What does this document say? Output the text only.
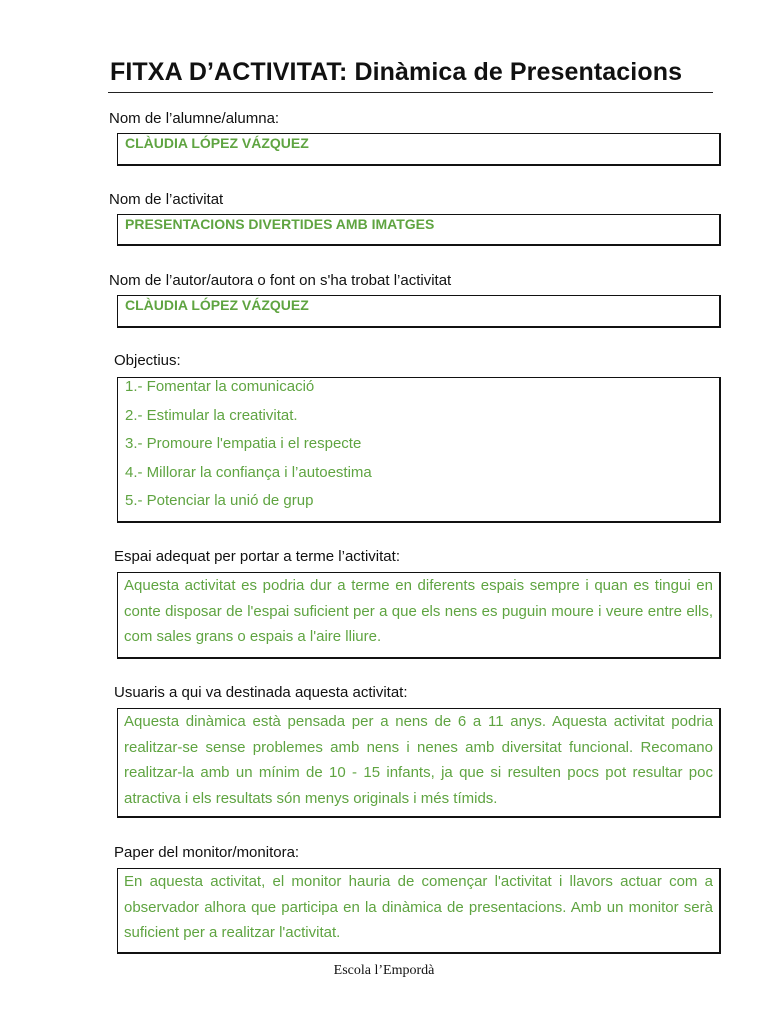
FITXA D’ACTIVITAT: Dinàmica de Presentacions
Nom de l’alumne/alumna:
CLÀUDIA LÓPEZ VÁZQUEZ
Nom de l’activitat
PRESENTACIONS DIVERTIDES AMB IMATGES
Nom de l’autor/autora o font on s'ha trobat l’activitat
CLÀUDIA LÓPEZ VÁZQUEZ
Objectius:
1.- Fomentar la comunicació
2.- Estimular la creativitat.
3.- Promoure l'empatia i el respecte
4.- Millorar la confiança i l’autoestima
5.- Potenciar la unió de grup
Espai adequat per portar a terme l’activitat:
Aquesta activitat es podria dur a terme en diferents espais sempre i quan es tingui en conte disposar de l'espai suficient per a que els nens es puguin moure i veure entre ells, com sales grans o espais a l'aire lliure.
Usuaris a qui va destinada aquesta activitat:
Aquesta dinàmica està pensada per a nens de 6 a 11 anys. Aquesta activitat podria realitzar-se sense problemes amb nens i nenes amb diversitat funcional. Recomano realitzar-la amb un mínim de 10 - 15 infants, ja que si resulten pocs pot resultar poc atractiva i els resultats són menys originals i més tímids.
Paper del monitor/monitora:
En aquesta activitat, el monitor hauria de començar l'activitat i llavors actuar com a observador alhora que participa en la dinàmica de presentacions. Amb un monitor serà suficient per a realitzar l'activitat.
Escola l’Empordà
